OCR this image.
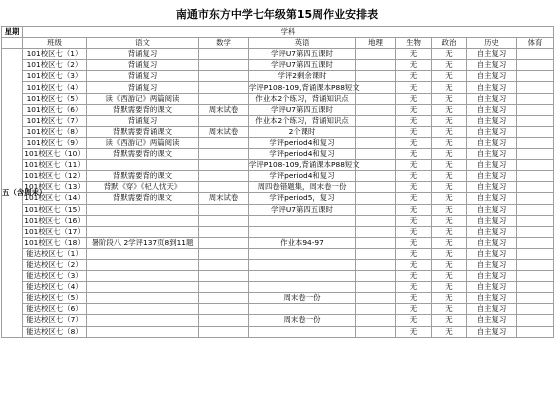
南通市东方中学七年级第15周作业安排表
星期	学科								
	班级	语文	数学	英语	地理	生物	政治	历史	体育
五（含周末）	101校区七（1）	背诵复习		学评U7第四五课时		无	无	自主复习	
	101校区七（2）	背诵复习		学评U7第四五课时		无	无	自主复习	
	101校区七（3）	背诵复习		学评2剩余课时		无	无	自主复习	
	101校区七（4）	背诵复习		学评P108-109,背诵课本P88短文		无	无	自主复习	
	101校区七（5）	读《西游记》两篇阅读		作业本2个练习，背诵知识点		无	无	自主复习	
	101校区七（6）	背默需要背的课文	周末试卷	学评U7第四五课时		无	无	自主复习	
	101校区七（7）	背诵复习		作业本2个练习，背诵知识点		无	无	自主复习	
	101校区七（8）	背默需要背诵课文	周末试卷	2个课时		无	无	自主复习	
	101校区七（9）	读《西游记》两篇阅读		学评period4和复习		无	无	自主复习	
	101校区七（10）	背默需要背的课文		学评period4和复习		无	无	自主复习	
	101校区七（11）			学评P108-109,背诵课本P88短文		无	无	自主复习	
	101校区七（12）	背默需要背的课文		学评period4和复习		无	无	自主复习	
	101校区七（13）	背默《穿》《杞人忧天》		周四卷错题集，周末卷一份		无	无	自主复习	
	101校区七（14）	背默需要背的课文	周末试卷	学评period5，复习		无	无	自主复习	
	101校区七（15）			学评U7第四五课时		无	无	自主复习	
	101校区七（16）					无	无	自主复习	
	101校区七（17）					无	无	自主复习	
	101校区七（18）	暑阶段八 2学评137页8到11题		作业本94-97		无	无	自主复习	
	能达校区七（1）					无	无	自主复习	
	能达校区七（2）					无	无	自主复习	
	能达校区七（3）					无	无	自主复习	
	能达校区七（4）					无	无	自主复习	
	能达校区七（5）			周末卷一份		无	无	自主复习	
	能达校区七（6）					无	无	自主复习	
	能达校区七（7）			周末卷一份		无	无	自主复习	
	能达校区七（8）					无	无	自主复习	
